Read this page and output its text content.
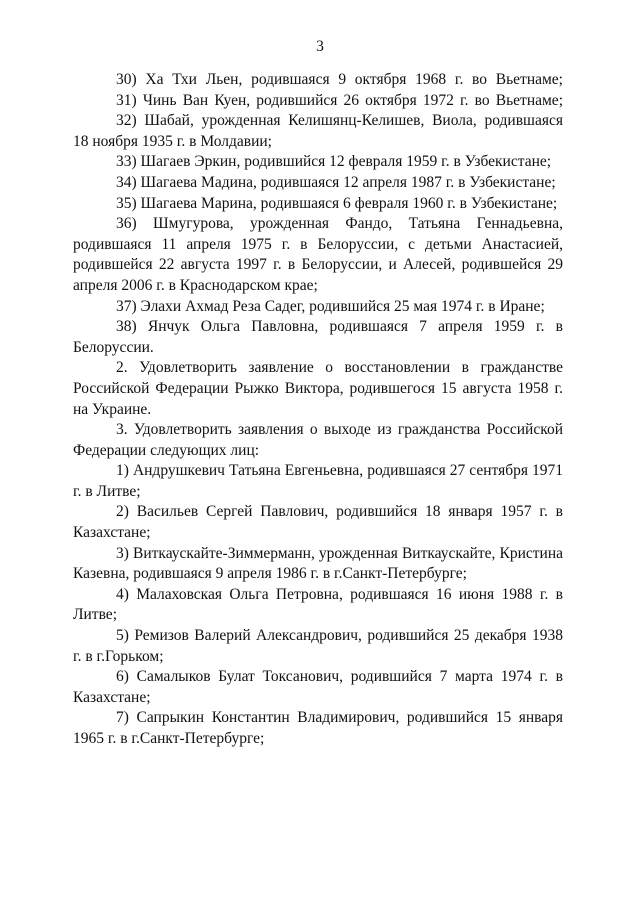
3

30) Ха Тхи Льен, родившаяся 9 октября 1968 г. во Вьетнаме;

31) Чинь Ван Куен, родившийся 26 октября 1972 г. во Вьетнаме;

32) Шабай, урожденная Келишянц-Келишев, Виола, родившаяся 18 ноября 1935 г. в Молдавии;

33) Шагаев Эркин, родившийся 12 февраля 1959 г. в Узбекистане;

34) Шагаева Мадина, родившаяся 12 апреля 1987 г. в Узбекистане;

35) Шагаева Марина, родившаяся 6 февраля 1960 г. в Узбекистане;

36) Шмугурова, урожденная Фандо, Татьяна Геннадьевна, родившаяся 11 апреля 1975 г. в Белоруссии, с детьми Анастасией, родившейся 22 августа 1997 г. в Белоруссии, и Алесей, родившейся 29 апреля 2006 г. в Краснодарском крае;

37) Элахи Ахмад Реза Садег, родившийся 25 мая 1974 г. в Иране;

38) Янчук Ольга Павловна, родившаяся 7 апреля 1959 г. в Белоруссии.

2. Удовлетворить заявление о восстановлении в гражданстве Российской Федерации Рыжко Виктора, родившегося 15 августа 1958 г. на Украине.

3. Удовлетворить заявления о выходе из гражданства Российской Федерации следующих лиц:

1) Андрушкевич Татьяна Евгеньевна, родившаяся 27 сентября 1971 г. в Литве;

2) Васильев Сергей Павлович, родившийся 18 января 1957 г. в Казахстане;

3) Виткаускайте-Зиммерманн, урожденная Виткаускайте, Кристина Казевна, родившаяся 9 апреля 1986 г. в г.Санкт-Петербурге;

4) Малаховская Ольга Петровна, родившаяся 16 июня 1988 г. в Литве;

5) Ремизов Валерий Александрович, родившийся 25 декабря 1938 г. в г.Горьком;

6) Самалыков Булат Токсанович, родившийся 7 марта 1974 г. в Казахстане;

7) Сапрыкин Константин Владимирович, родившийся 15 января 1965 г. в г.Санкт-Петербурге;
